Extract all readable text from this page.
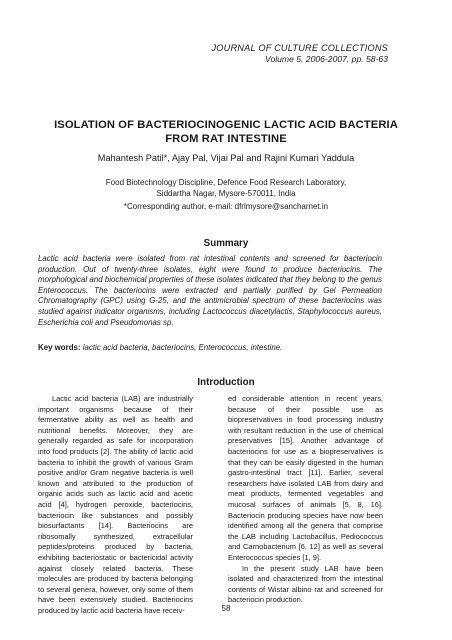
JOURNAL OF CULTURE COLLECTIONS
Volume 5, 2006-2007, pp. 58-63
ISOLATION OF BACTERIOCINOGENIC LACTIC ACID BACTERIA
FROM RAT INTESTINE
Mahantesh Patil*, Ajay Pal, Vijai Pal and Rajini Kumari Yaddula
Food Biotechnology Discipline, Defence Food Research Laboratory,
Siddartha Nagar, Mysore-570011, India
*Corresponding author, e-mail: dfrlmysore@sancharnet.in
Summary
Lactic acid bacteria were isolated from rat intestinal contents and screened for bacteriocin production. Out of twenty-three isolates, eight were found to produce bacteriocins. The morphological and biochemical properties of these isolates indicated that they belong to the genus Enterococcus. The bacteriocins were extracted and partially purified by Gel Permeation Chromatography (GPC) using G-25, and the antimicrobial spectrum of these bacteriocins was studied against indicator organisms, including Lactococcus diacetylactis, Staphylococcus aureus, Escherichia coli and Pseudomonas sp.
Key words: lactic acid bacteria, bacteriocins, Enterococcus, intestine.
Introduction

Lactic acid bacteria (LAB) are industrially important organisms because of their fermentative ability as well as health and nutritional benefits. Moreover, they are generally regarded as safe for incorporation into food products [2]. The ability of lactic acid bacteria to inhibit the growth of various Gram positive and/or Gram negative bacteria is well known and attributed to the production of organic acids such as lactic acid and acetic acid [4], hydrogen peroxide, bacteriocins, bacteriocin like substances and possibly biosurfactants [14]. Bacteriocins are ribosomally synthesized, extracellular peptides/proteins produced by bacteria, exhibiting bacteriostatic or bactericidal activity against closely related bacteria. These molecules are produced by bacteria belonging to several genera, however, only some of them have been extensively studied. Bacteriocins produced by lactic acid bacteria have receiv-

ed considerable attention in recent years, because of their possible use as biopreservatives in food processing industry with resultant reduction in the use of chemical preservatives [15]. Another advantage of bacteriocins for use as a biopreservatives is that they can be easily digested in the human gastro-intestinal tract [11]. Earlier, several researchers have isolated LAB from dairy and meat products, fermented vegetables and mucosal surfaces of animals [5, 8, 16]. Bacteriocin producing species have now been identified among all the genera that comprise the LAB including Lactobacillus, Pediococcus and Carnobacterium [6, 12] as well as several Enterococcus species [1, 9].

In the present study LAB have been isolated and characterized from the intestinal contents of Wistar albino rat and screened for bacteriocin production.

58
